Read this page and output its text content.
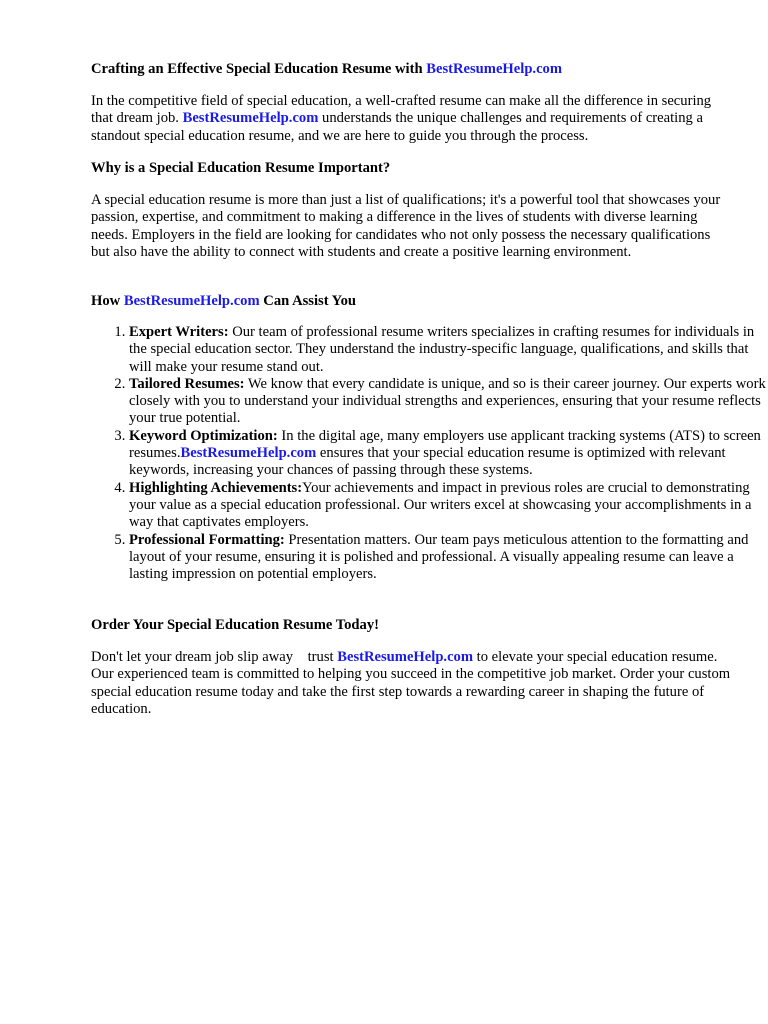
Crafting an Effective Special Education Resume with BestResumeHelp.com

In the competitive field of special education, a well-crafted resume can make all the difference in securing that dream job. BestResumeHelp.com understands the unique challenges and requirements of creating a standout special education resume, and we are here to guide you through the process.

Why is a Special Education Resume Important?

A special education resume is more than just a list of qualifications; it's a powerful tool that showcases your passion, expertise, and commitment to making a difference in the lives of students with diverse learning needs. Employers in the field are looking for candidates who not only possess the necessary qualifications but also have the ability to connect with students and create a positive learning environment.

How BestResumeHelp.com Can Assist You
1. Expert Writers: Our team of professional resume writers specializes in crafting resumes for individuals in the special education sector. They understand the industry-specific language, qualifications, and skills that will make your resume stand out.
2. Tailored Resumes: We know that every candidate is unique, and so is their career journey. Our experts work closely with you to understand your individual strengths and experiences, ensuring that your resume reflects your true potential.
3. Keyword Optimization: In the digital age, many employers use applicant tracking systems (ATS) to screen resumes.BestResumeHelp.com ensures that your special education resume is optimized with relevant keywords, increasing your chances of passing through these systems.
4. Highlighting Achievements:Your achievements and impact in previous roles are crucial to demonstrating your value as a special education professional. Our writers excel at showcasing your accomplishments in a way that captivates employers.
5. Professional Formatting: Presentation matters. Our team pays meticulous attention to the formatting and layout of your resume, ensuring it is polished and professional. A visually appealing resume can leave a lasting impression on potential employers.
Order Your Special Education Resume Today!

Don't let your dream job slip away    trust BestResumeHelp.com to elevate your special education resume. Our experienced team is committed to helping you succeed in the competitive job market. Order your custom special education resume today and take the first step towards a rewarding career in shaping the future of education.
